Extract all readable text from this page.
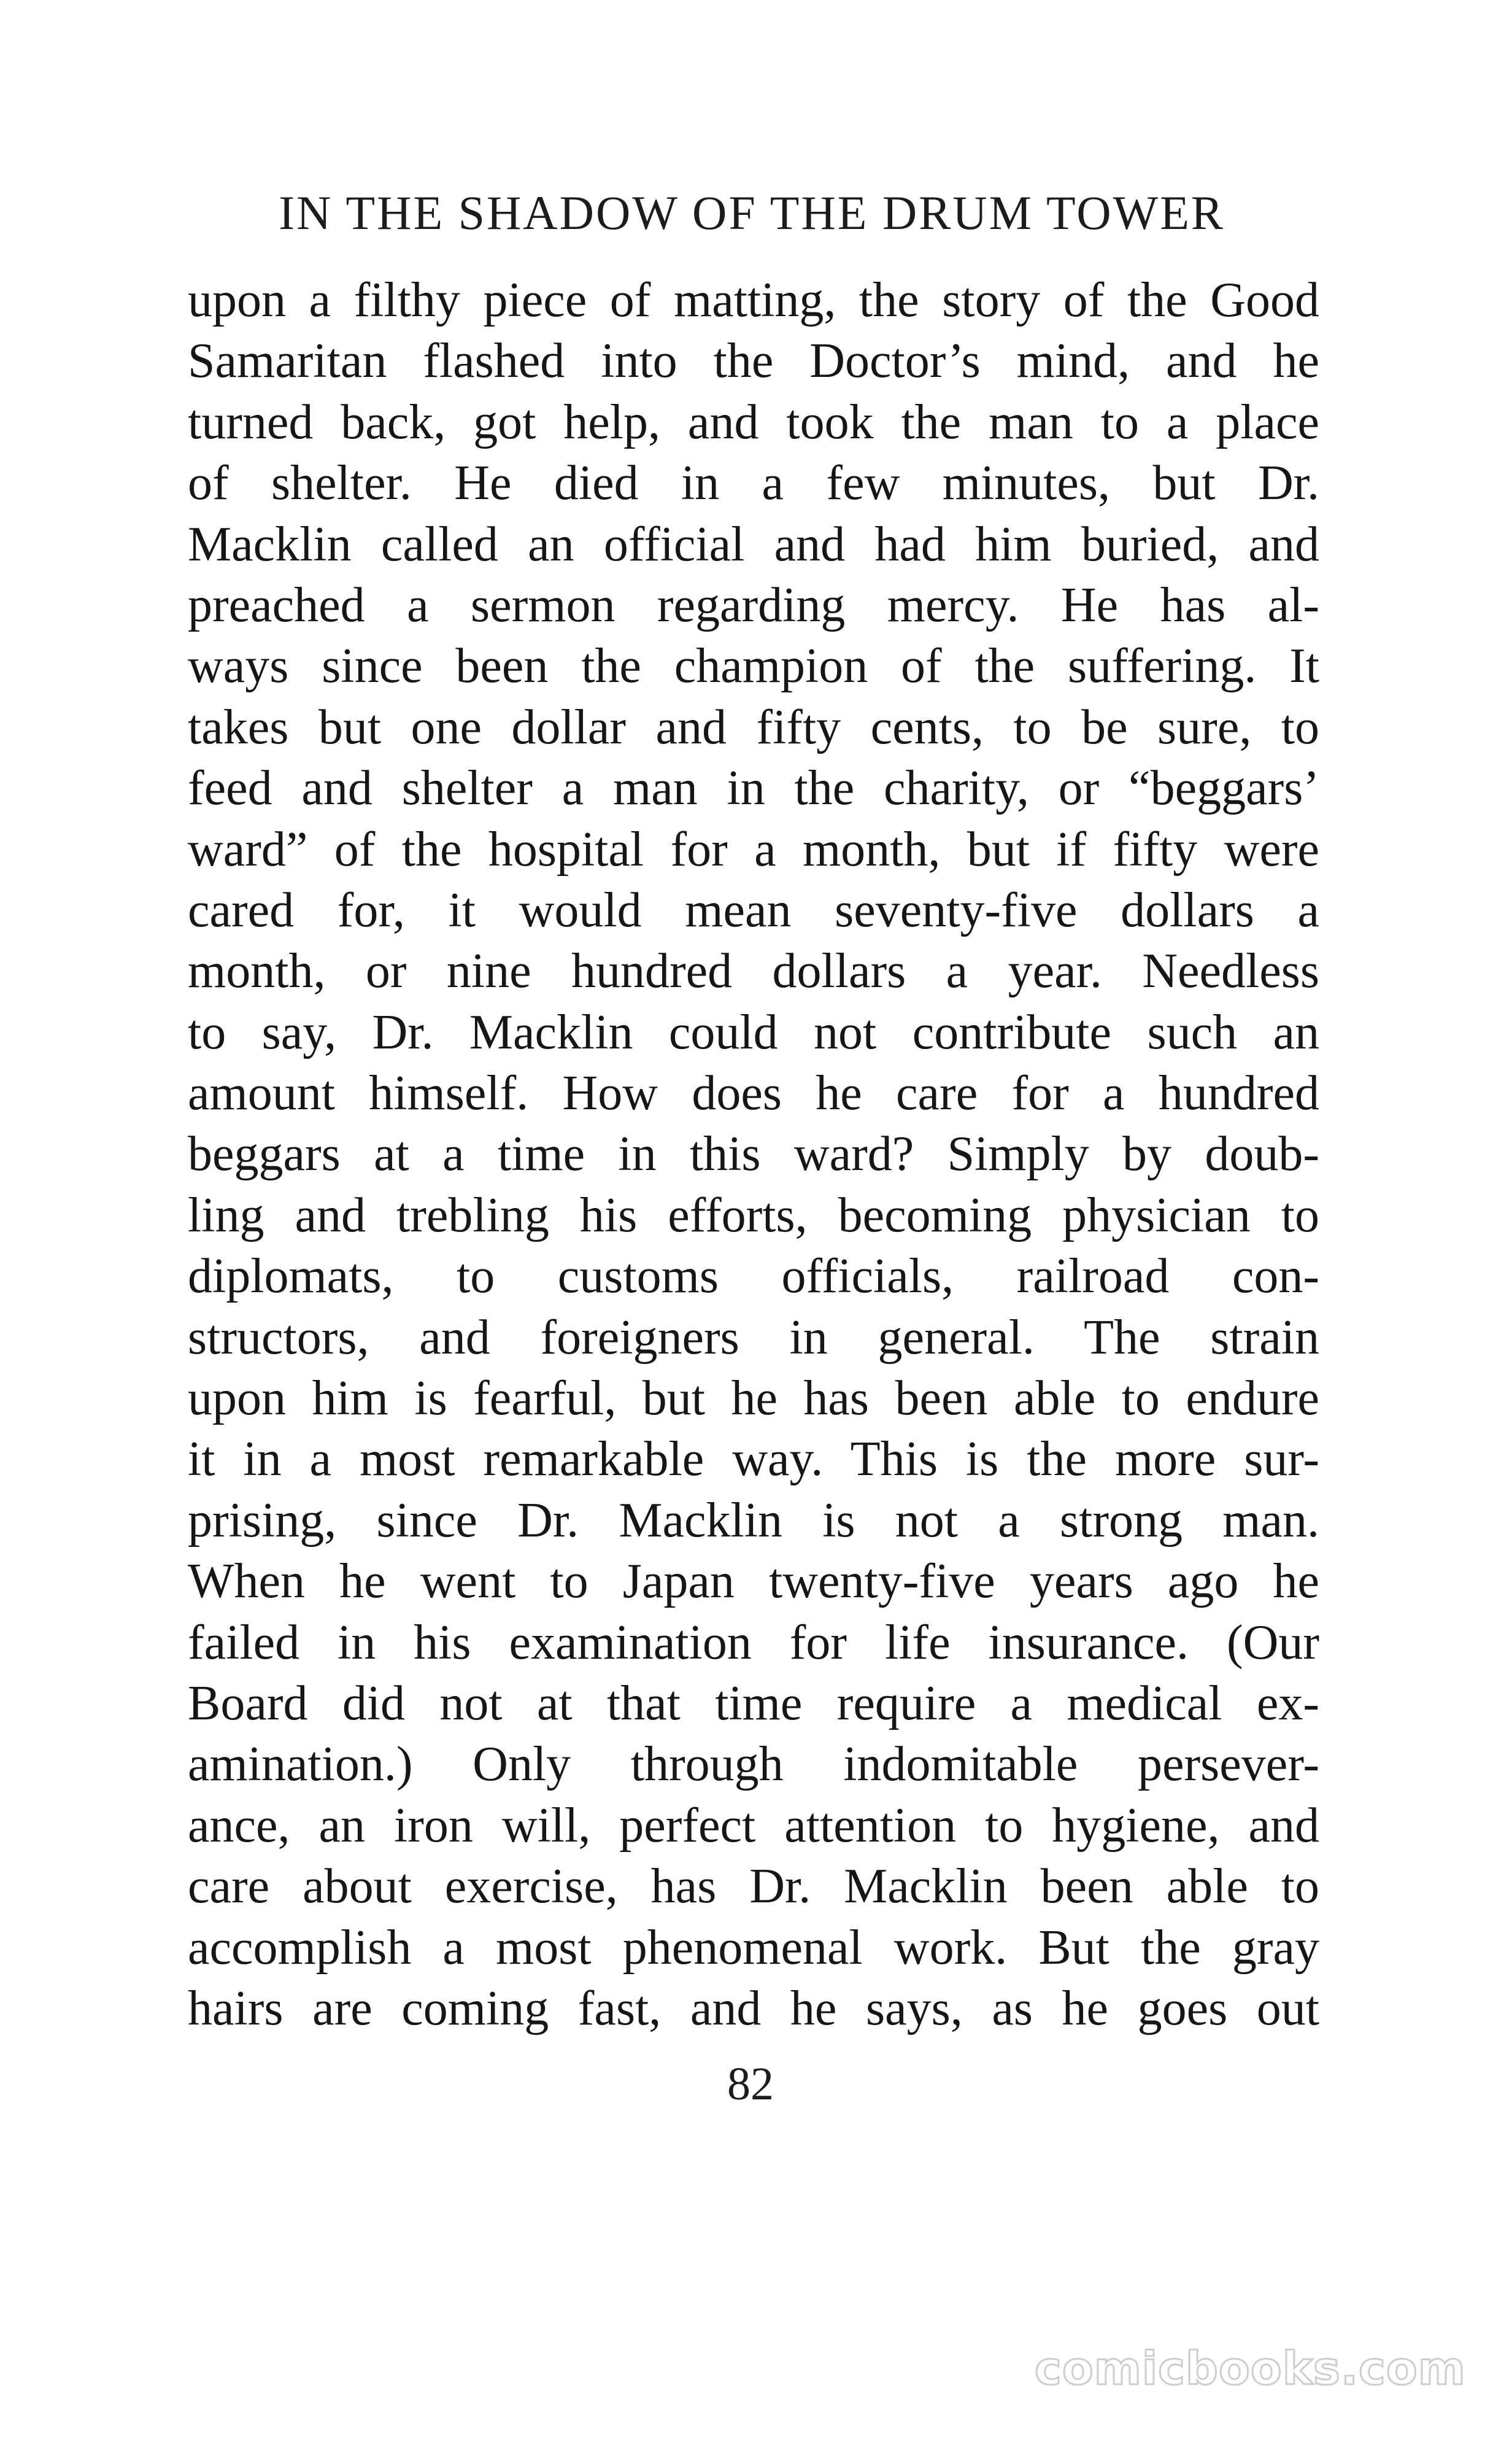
IN THE SHADOW OF THE DRUM TOWER
upon a filthy piece of matting, the story of the Good
Samaritan flashed into the Doctor’s mind, and he
turned back, got help, and took the man to a place
of shelter. He died in a few minutes, but Dr.
Macklin called an official and had him buried, and
preached a sermon regarding mercy. He has al-
ways since been the champion of the suffering. It
takes but one dollar and fifty cents, to be sure, to
feed and shelter a man in the charity, or “beggars’
ward” of the hospital for a month, but if fifty were
cared for, it would mean seventy-five dollars a
month, or nine hundred dollars a year. Needless
to say, Dr. Macklin could not contribute such an
amount himself. How does he care for a hundred
beggars at a time in this ward? Simply by doub-
ling and trebling his efforts, becoming physician to
diplomats, to customs officials, railroad con-
structors, and foreigners in general. The strain
upon him is fearful, but he has been able to endure
it in a most remarkable way. This is the more sur-
prising, since Dr. Macklin is not a strong man.
When he went to Japan twenty-five years ago he
failed in his examination for life insurance. (Our
Board did not at that time require a medical ex-
amination.) Only through indomitable persever-
ance, an iron will, perfect attention to hygiene, and
care about exercise, has Dr. Macklin been able to
accomplish a most phenomenal work. But the gray
hairs are coming fast, and he says, as he goes out
82
comicbooks.com
